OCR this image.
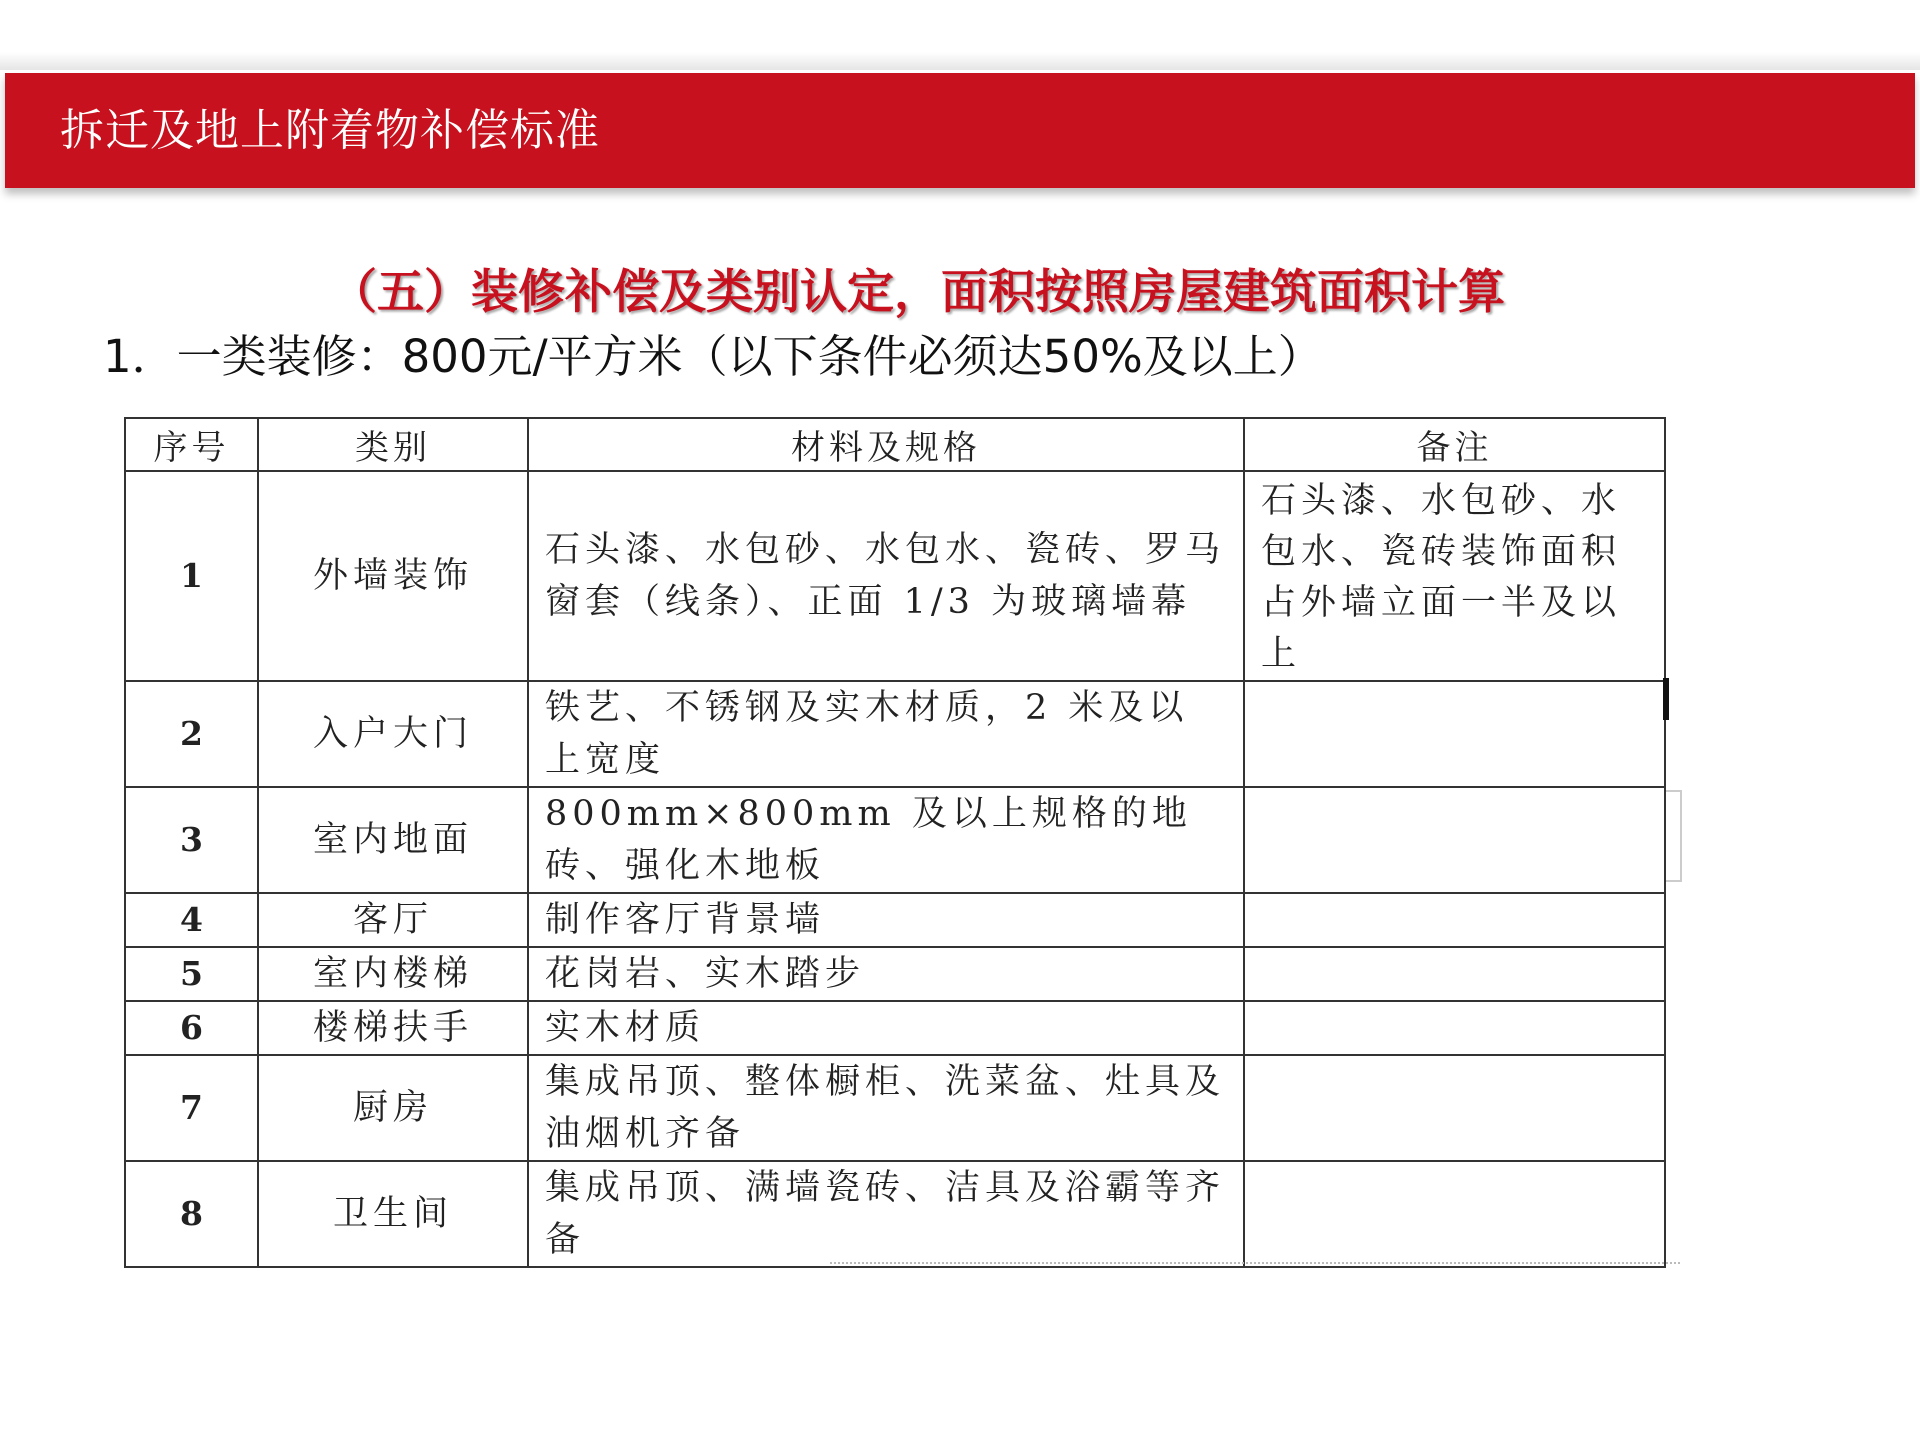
拆迁及地上附着物补偿标准
（五）装修补偿及类别认定，面积按照房屋建筑面积计算
1．一类装修：800元/平方米（以下条件必须达50%及以上）
序号	类别	材料及规格	备注
1	外墙装饰	石头漆、水包砂、水包水、瓷砖、罗马窗套（线条）、正面 1/3 为玻璃墙幕	石头漆、水包砂、水包水、瓷砖装饰面积占外墙立面一半及以上
2	入户大门	铁艺、不锈钢及实木材质，2 米及以上宽度	
3	室内地面	800mm×800mm 及以上规格的地砖、强化木地板	
4	客厅	制作客厅背景墙	
5	室内楼梯	花岗岩、实木踏步	
6	楼梯扶手	实木材质	
7	厨房	集成吊顶、整体橱柜、洗菜盆、灶具及油烟机齐备	
8	卫生间	集成吊顶、满墙瓷砖、洁具及浴霸等齐备	
